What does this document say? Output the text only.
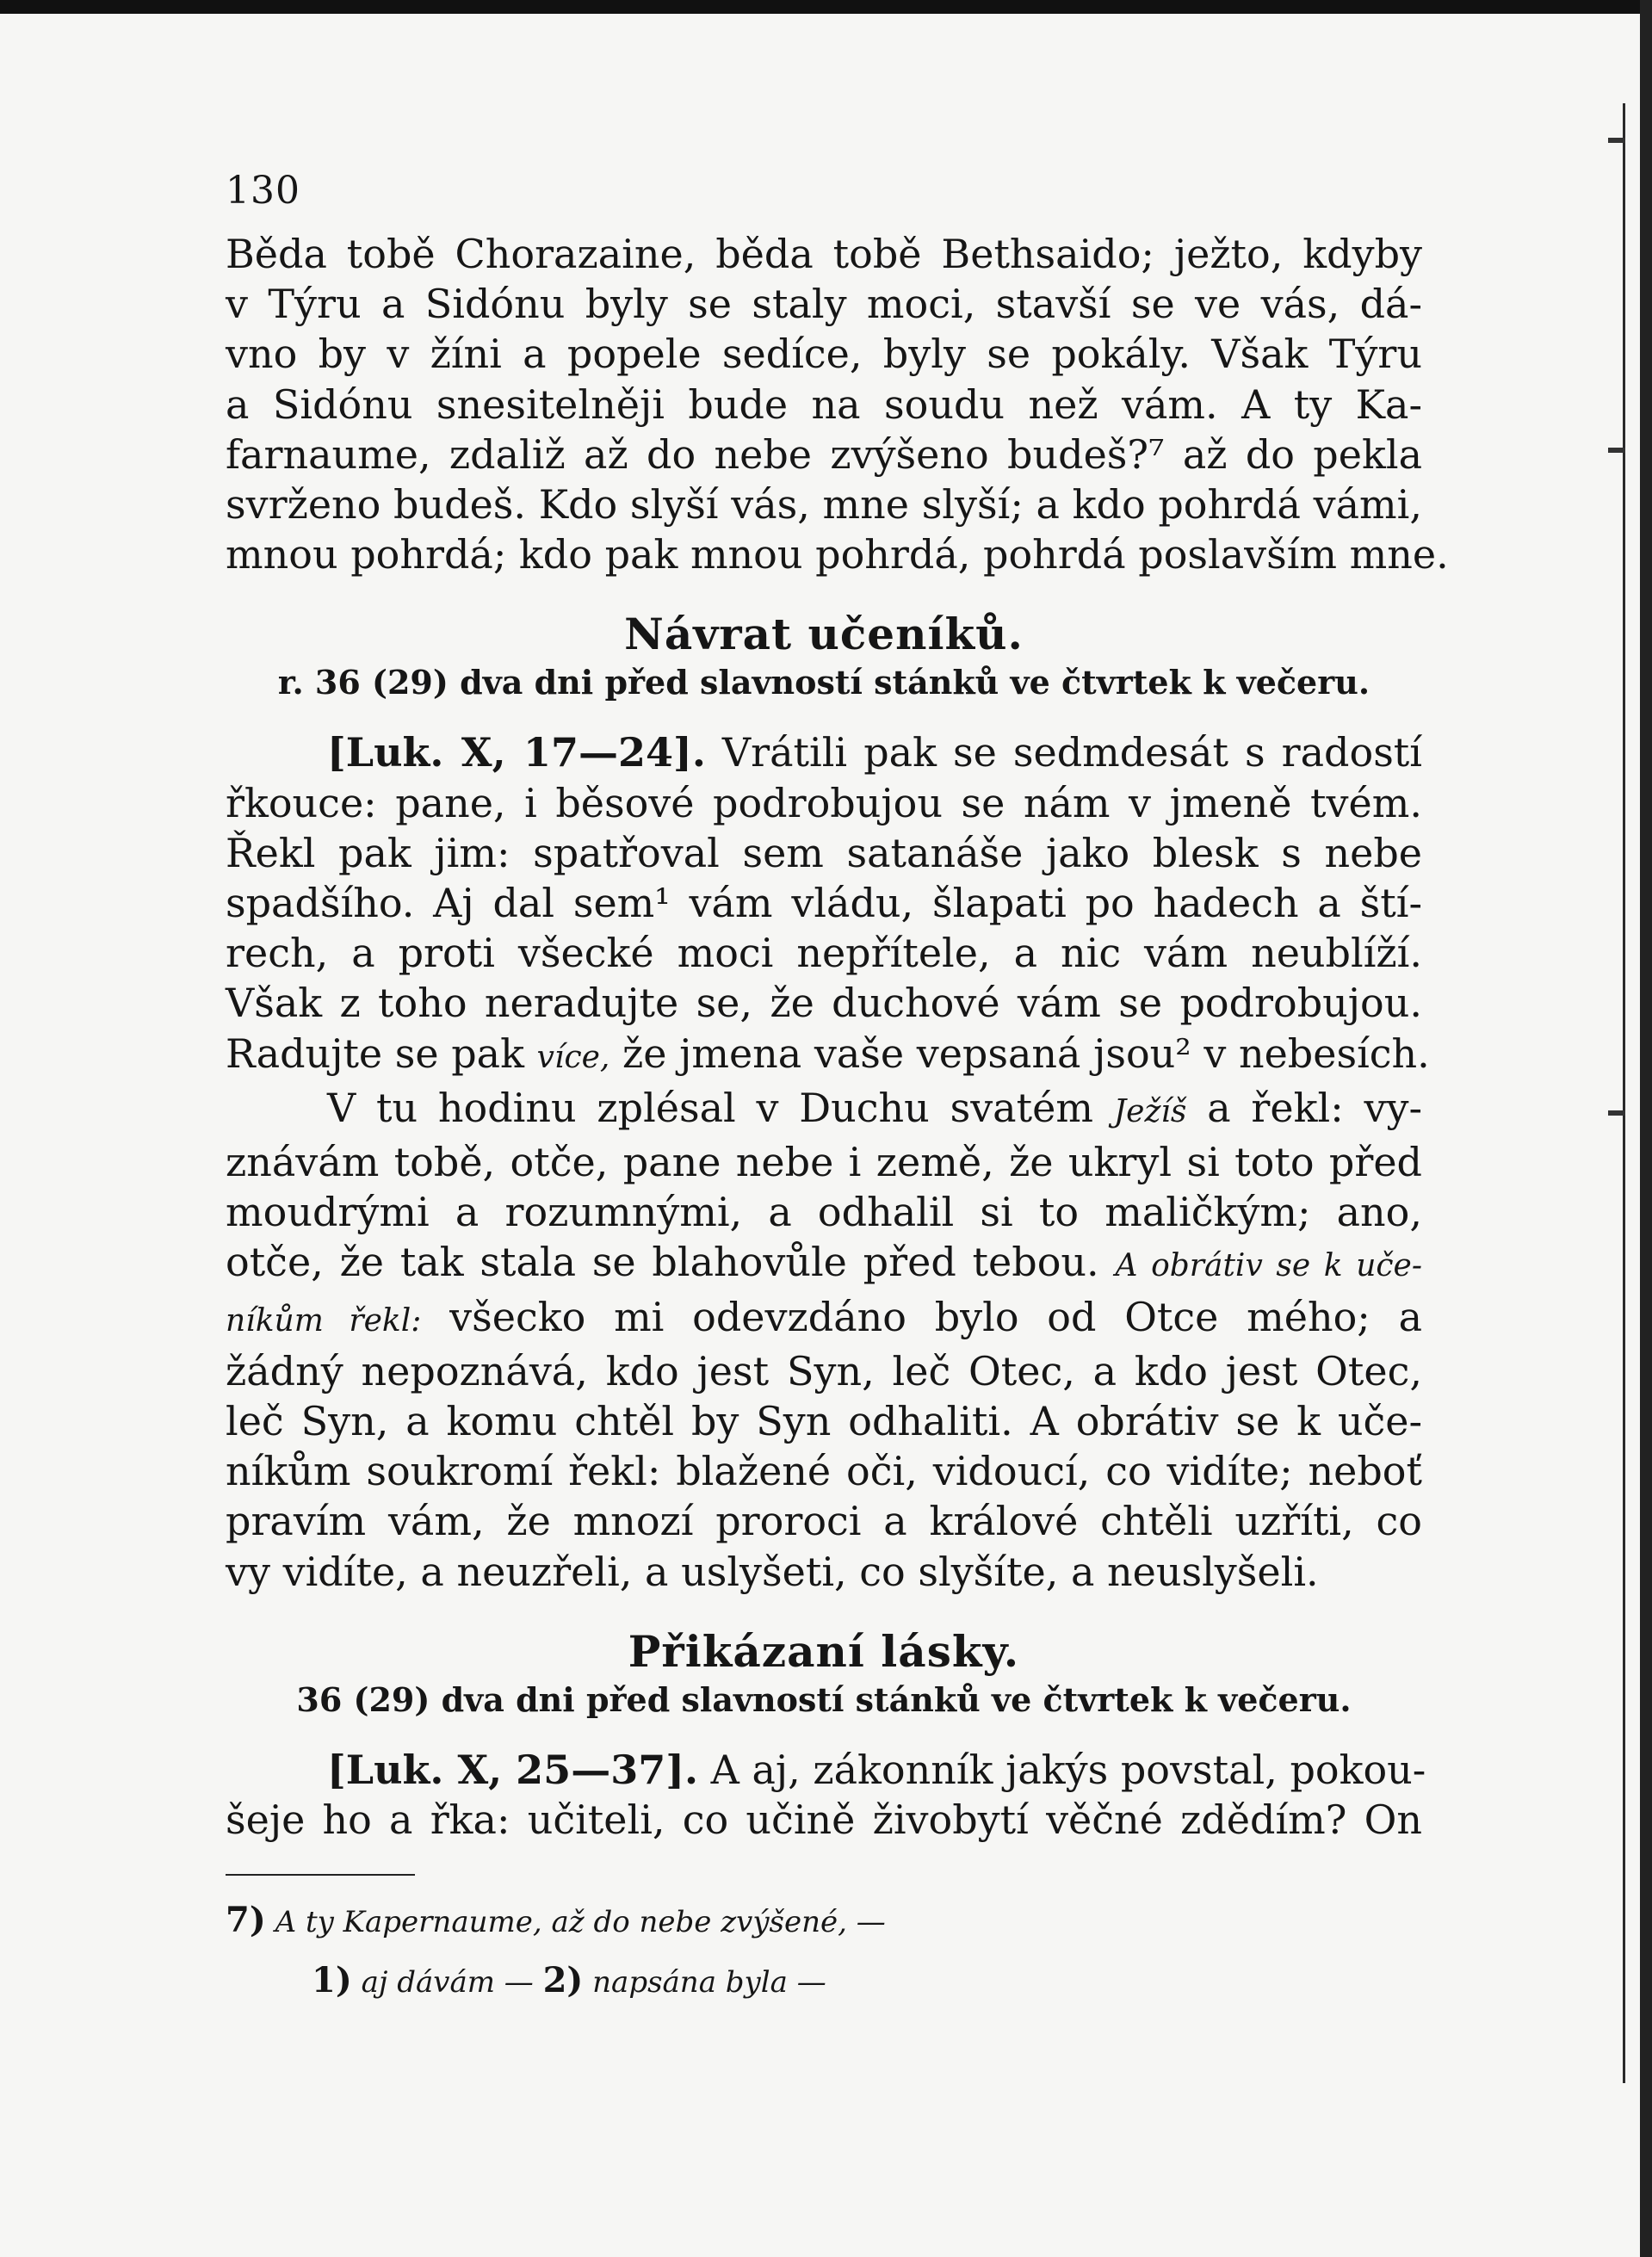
130
Běda tobě Chorazaine, běda tobě Bethsaido; ježto, kdyby
v Týru a Sidónu byly se staly moci, stavší se ve vás, dá-
vno by v žíni a popele sedíce, byly se pokály. Však Týru
a Sidónu snesitelněji bude na soudu než vám. A ty Ka-
farnaume, zdaliž až do nebe zvýšeno budeš?⁷ až do pekla
svrženo budeš. Kdo slyší vás, mne slyší; a kdo pohrdá vámi,
mnou pohrdá; kdo pak mnou pohrdá, pohrdá poslavším mne.
Návrat učeníků.
r. 36 (29) dva dni před slavností stánků ve čtvrtek k večeru.
[Luk. X, 17—24]. Vrátili pak se sedmdesát s radostí
řkouce: pane, i běsové podrobujou se nám v jmeně tvém.
Řekl pak jim: spatřoval sem satanáše jako blesk s nebe
spadšího. Aj dal sem¹ vám vládu, šlapati po hadech a ští-
rech, a proti všecké moci nepřítele, a nic vám neublíží.
Však z toho neradujte se, že duchové vám se podrobujou.
Radujte se pak více, že jmena vaše vepsaná jsou² v nebesích.
V tu hodinu zplésal v Duchu svatém Ježíš a řekl: vy-
znávám tobě, otče, pane nebe i země, že ukryl si toto před
moudrými a rozumnými, a odhalil si to maličkým; ano,
otče, že tak stala se blahovůle před tebou. A obrátiv se k uče-
níkům řekl: všecko mi odevzdáno bylo od Otce mého; a
žádný nepoznává, kdo jest Syn, leč Otec, a kdo jest Otec,
leč Syn, a komu chtěl by Syn odhaliti. A obrátiv se k uče-
níkům soukromí řekl: blažené oči, vidoucí, co vidíte; neboť
pravím vám, že mnozí proroci a králové chtěli uzříti, co
vy vidíte, a neuzřeli, a uslyšeti, co slyšíte, a neuslyšeli.
Přikázaní lásky.
36 (29) dva dni před slavností stánků ve čtvrtek k večeru.
[Luk. X, 25—37]. A aj, zákonník jakýs povstal, pokou-
šeje ho a řka: učiteli, co učině živobytí věčné zdědím? On
7) A ty Kapernaume, až do nebe zvýšené, —
1) aj dávám — 2) napsána byla —
